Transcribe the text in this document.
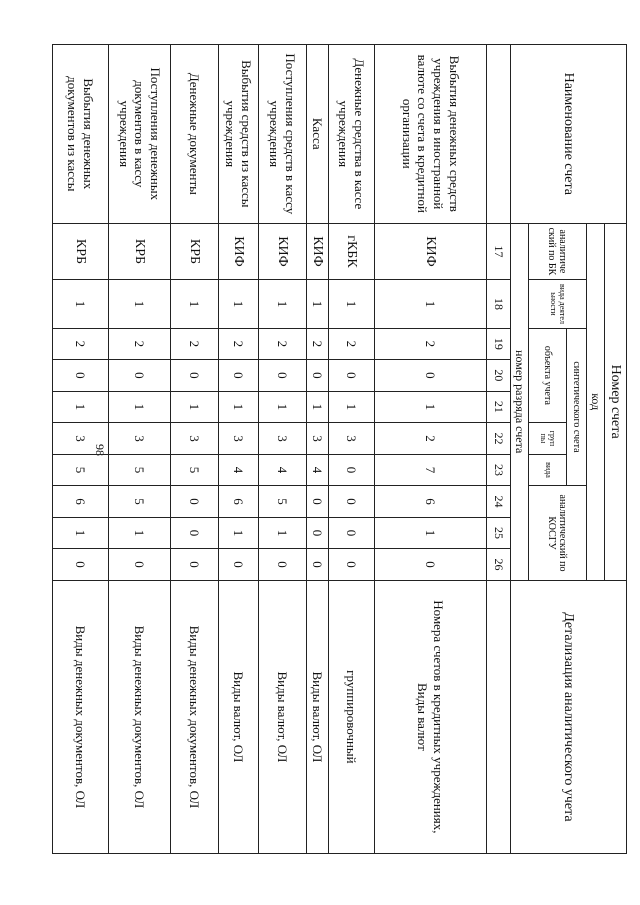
98
Наименование счета	Номер счета										Детализация аналитического учета
	код										
	аналитиче ский по БК	вида деятел ьности	синтетического счета					аналитический по КОСГУ			
			объекта учета			груп пы	вида				
	номер разряда счета										
	17	18	19	20	21	22	23	24	25	26	
Выбытия денежных средств учреждения в иностранной валюте со счета в кредитной организации	КИФ	1	2	0	1	2	7	6	1	0	Номера счетов в кредитных учреждениях, Виды валют
Денежные средства в кассе учреждения	гКБК	1	2	0	1	3	0	0	0	0	группировочный
Касса	КИФ	1	2	0	1	3	4	0	0	0	Виды валют, ОЛ
Поступления средств в кассу учреждения	КИФ	1	2	0	1	3	4	5	1	0	Виды валют, ОЛ
Выбытия средств из кассы учреждения	КИФ	1	2	0	1	3	4	6	1	0	Виды валют, ОЛ
Денежные документы	КРБ	1	2	0	1	3	5	0	0	0	Виды денежных документов, ОЛ
Поступления денежных документов в кассу учреждения	КРБ	1	2	0	1	3	5	5	1	0	Виды денежных документов, ОЛ
Выбытия денежных документов из кассы	КРБ	1	2	0	1	3	5	6	1	0	Виды денежных документов, ОЛ
